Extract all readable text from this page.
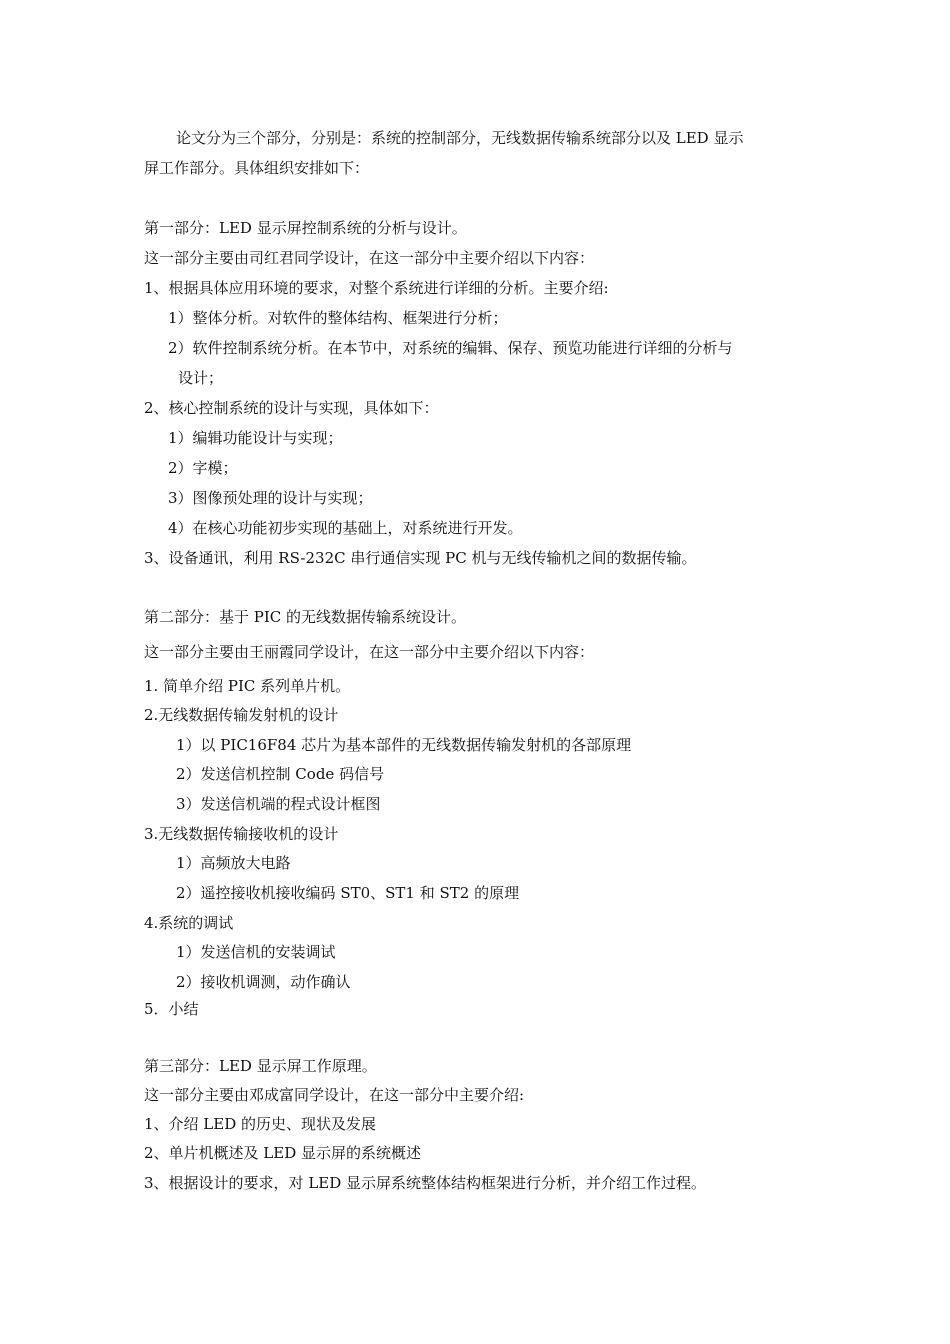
论文分为三个部分，分别是：系统的控制部分，无线数据传输系统部分以及 LED 显示
屏工作部分。具体组织安排如下：
第一部分：LED 显示屏控制系统的分析与设计。
这一部分主要由司红君同学设计，在这一部分中主要介绍以下内容：
1、根据具体应用环境的要求，对整个系统进行详细的分析。主要介绍:
1）整体分析。对软件的整体结构、框架进行分析；
2）软件控制系统分析。在本节中，对系统的编辑、保存、预览功能进行详细的分析与
设计；
2、核心控制系统的设计与实现，具体如下：
1）编辑功能设计与实现；
2）字模；
3）图像预处理的设计与实现；
4）在核心功能初步实现的基础上，对系统进行开发。
3、设备通讯，利用 RS-232C 串行通信实现 PC 机与无线传输机之间的数据传输。
第二部分：基于 PIC 的无线数据传输系统设计。
这一部分主要由王丽霞同学设计，在这一部分中主要介绍以下内容：
1. 简单介绍 PIC 系列单片机。
2.无线数据传输发射机的设计
1）以 PIC16F84 芯片为基本部件的无线数据传输发射机的各部原理
2）发送信机控制 Code 码信号
3）发送信机端的程式设计框图
3.无线数据传输接收机的设计
1）高频放大电路
2）遥控接收机接收编码 ST0、ST1 和 ST2 的原理
4.系统的调试
1）发送信机的安装调试
2）接收机调测，动作确认
5．小结
第三部分：LED 显示屏工作原理。
这一部分主要由邓成富同学设计，在这一部分中主要介绍:
1、介绍 LED 的历史、现状及发展
2、单片机概述及 LED 显示屏的系统概述
3、根据设计的要求，对 LED 显示屏系统整体结构框架进行分析，并介绍工作过程。
